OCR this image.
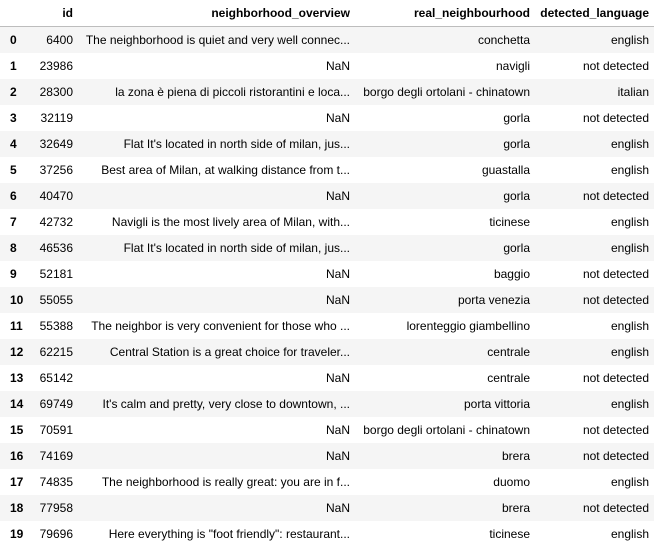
	id	neighborhood_overview	real_neighbourhood	detected_language
0	6400	The neighborhood is quiet and very well connec...	conchetta	english
1	23986	NaN	navigli	not detected
2	28300	la zona è piena di piccoli ristorantini e loca...	borgo degli ortolani - chinatown	italian
3	32119	NaN	gorla	not detected
4	32649	Flat It's located in north side of milan, jus...	gorla	english
5	37256	Best area of Milan, at walking distance from t...	guastalla	english
6	40470	NaN	gorla	not detected
7	42732	Navigli is the most lively area of Milan, with...	ticinese	english
8	46536	Flat It's located in north side of milan, jus...	gorla	english
9	52181	NaN	baggio	not detected
10	55055	NaN	porta venezia	not detected
11	55388	The neighbor is very convenient for those who ...	lorenteggio giambellino	english
12	62215	Central Station is a great choice for traveler...	centrale	english
13	65142	NaN	centrale	not detected
14	69749	It's calm and pretty, very close to downtown, ...	porta vittoria	english
15	70591	NaN	borgo degli ortolani - chinatown	not detected
16	74169	NaN	brera	not detected
17	74835	The neighborhood is really great: you are in f...	duomo	english
18	77958	NaN	brera	not detected
19	79696	Here everything is "foot friendly": restaurant...	ticinese	english
